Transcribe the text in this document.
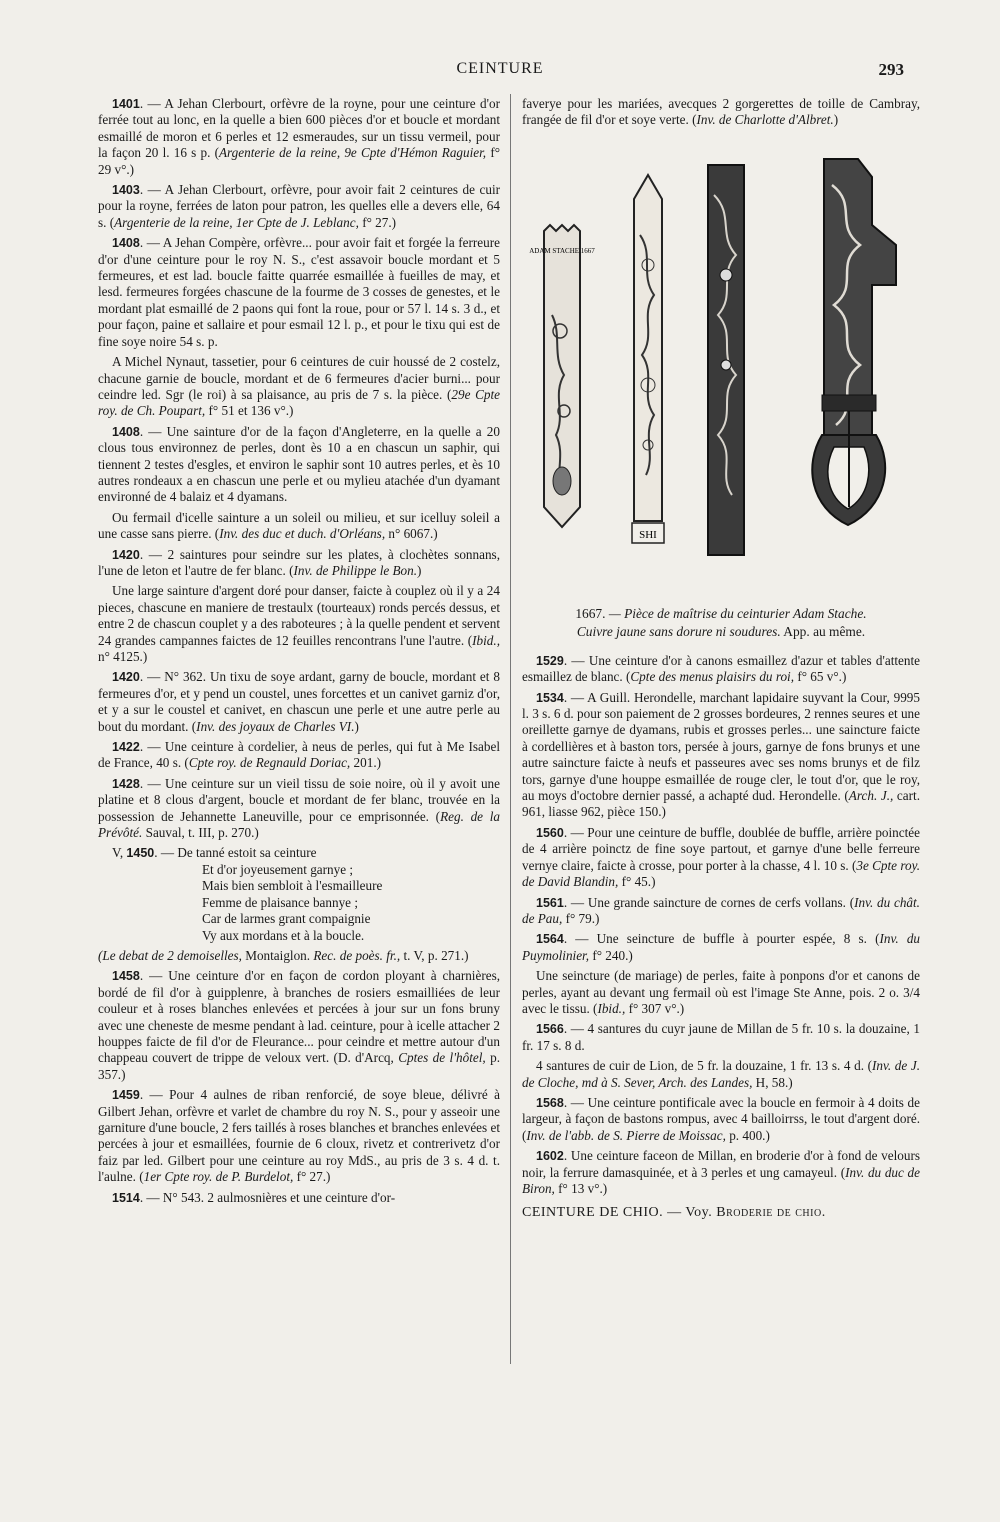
CEINTURE	293

1401. — A Jehan Clerbourt, orfèvre de la royne, pour une ceinture d'or ferrée tout au lonc, en la quelle a bien 600 pièces d'or et boucle et mordant esmaillé de moron et 6 perles et 12 esmeraudes, sur un tissu vermeil, pour la façon 20 l. 16 s p. (Argenterie de la reine, 9e Cpte d'Hémon Raguier, f° 29 v°.)

1403. — A Jehan Clerbourt, orfèvre, pour avoir fait 2 ceintures de cuir pour la royne, ferrées de laton pour patron, les quelles elle a devers elle, 64 s. (Argenterie de la reine, 1er Cpte de J. Leblanc, f° 27.)

1408. — A Jehan Compère, orfèvre... pour avoir fait et forgée la ferreure d'or d'une ceinture pour le roy N. S., c'est assavoir boucle mordant et 5 fermeures, et est lad. boucle faitte quarrée esmaillée à fueilles de may, et lesd. fermeures forgées chascune de la fourme de 3 cosses de genestes, et le mordant plat esmaillé de 2 paons qui font la roue, pour or 57 l. 14 s. 3 d., et pour façon, paine et sallaire et pour esmail 12 l. p., et pour le tixu qui est de fine soye noire 54 s. p.

A Michel Nynaut, tassetier, pour 6 ceintures de cuir houssé de 2 costelz, chacune garnie de boucle, mordant et de 6 fermeures d'acier burni... pour ceindre led. Sgr (le roi) à sa plaisance, au pris de 7 s. la pièce. (29e Cpte roy. de Ch. Poupart, f° 51 et 136 v°.)

1408. — Une sainture d'or de la façon d'Angleterre, en la quelle a 20 clous tous environnez de perles, dont ès 10 a en chascun un saphir, qui tiennent 2 testes d'esgles, et environ le saphir sont 10 autres perles, et ès 10 autres rondeaux a en chascun une perle et ou mylieu atachée d'un dyamant environné de 4 balaiz et 4 dyamans.

Ou fermail d'icelle sainture a un soleil ou milieu, et sur icelluy soleil a une casse sans pierre. (Inv. des duc et duch. d'Orléans, n° 6067.)

1420. — 2 saintures pour seindre sur les plates, à clochètes sonnans, l'une de leton et l'autre de fer blanc. (Inv. de Philippe le Bon.)

Une large sainture d'argent doré pour danser, faicte à couplez où il y a 24 pieces, chascune en maniere de trestaulx (tourteaux) ronds percés dessus, et entre 2 de chascun couplet y a des raboteures ; à la quelle pendent et servent 24 grandes campannes faictes de 12 feuilles rencontrans l'une l'autre. (Ibid., n° 4125.)

1420. — N° 362. Un tixu de soye ardant, garny de boucle, mordant et 8 fermeures d'or, et y pend un coustel, unes forcettes et un canivet garniz d'or, et y a sur le coustel et canivet, en chascun une perle et une autre perle au bout du mordant. (Inv. des joyaux de Charles VI.)

1422. — Une ceinture à cordelier, à neus de perles, qui fut à Me Isabel de France, 40 s. (Cpte roy. de Regnauld Doriac, 201.)

1428. — Une ceinture sur un vieil tissu de soie noire, où il y avoit une platine et 8 clous d'argent, boucle et mordant de fer blanc, trouvée en la possession de Jehannette Laneuville, pour ce emprisonnée. (Reg. de la Prévôté. Sauval, t. III, p. 270.)

V, 1450. — De tanné estoit sa ceinture
Et d'or joyeusement garnye ;
Mais bien sembloit à l'esmailleure
Femme de plaisance bannye ;
Car de larmes grant compaignie
Vy aux mordans et à la boucle.

(Le debat de 2 demoiselles, Montaiglon. Rec. de poès. fr., t. V, p. 271.)

1458. — Une ceinture d'or en façon de cordon ployant à charnières, bordé de fil d'or à guipplenre, à branches de rosiers esmailliées de leur couleur et à roses blanches enlevées et percées à jour sur un fons bruny avec une cheneste de mesme pendant à lad. ceinture, pour à icelle attacher 2 houppes faicte de fil d'or de Fleurance... pour ceindre et mettre autour d'un chappeau couvert de trippe de veloux vert. (D. d'Arcq, Cptes de l'hôtel, p. 357.)

1459. — Pour 4 aulnes de riban renforcié, de soye bleue, délivré à Gilbert Jehan, orfèvre et varlet de chambre du roy N. S., pour y asseoir une garniture d'une boucle, 2 fers taillés à roses blanches et branches enlevées et percées à jour et esmaillées, fournie de 6 cloux, rivetz et contrerivetz d'or faiz par led. Gilbert pour une ceinture au roy MdS., au pris de 3 s. 4 d. t. l'aulne. (1er Cpte roy. de P. Burdelot, f° 27.)

1514. — N° 543. 2 aulmosnières et une ceinture d'or-

faverye pour les mariées, avecques 2 gorgerettes de toille de Cambray, frangée de fil d'or et soye verte. (Inv. de Charlotte d'Albret.)

ADAM STACHE 1667
SHI

1667. — Pièce de maîtrise du ceinturier Adam Stache.
Cuivre jaune sans dorure ni soudures. App. au même.

1529. — Une ceinture d'or à canons esmaillez d'azur et tables d'attente esmaillez de blanc. (Cpte des menus plaisirs du roi, f° 65 v°.)

1534. — A Guill. Herondelle, marchant lapidaire suyvant la Cour, 9995 l. 3 s. 6 d. pour son paiement de 2 grosses bordeures, 2 rennes seures et une oreillette garnye de dyamans, rubis et grosses perles... une saincture faicte à cordellières et à baston tors, persée à jours, garnye de fons brunys et une autre saincture faicte à neufs et passeures avec ses noms brunys et de filz tors, garnye d'une houppe esmaillée de rouge cler, le tout d'or, que le roy, au moys d'octobre dernier passé, a achapté dud. Herondelle. (Arch. J., cart. 961, liasse 962, pièce 150.)

1560. — Pour une ceinture de buffle, doublée de buffle, arrière poinctée de 4 arrière poinctz de fine soye partout, et garnye d'une belle ferreure vernye claire, faicte à crosse, pour porter à la chasse, 4 l. 10 s. (3e Cpte roy. de David Blandin, f° 45.)

1561. — Une grande saincture de cornes de cerfs vollans. (Inv. du chât. de Pau, f° 79.)

1564. — Une seincture de buffle à pourter espée, 8 s. (Inv. du Puymolinier, f° 240.)

Une seincture (de mariage) de perles, faite à ponpons d'or et canons de perles, ayant au devant ung fermail où est l'image Ste Anne, pois. 2 o. 3/4 avec le tissu. (Ibid., f° 307 v°.)

1566. — 4 santures du cuyr jaune de Millan de 5 fr. 10 s. la douzaine, 1 fr. 17 s. 8 d.

4 santures de cuir de Lion, de 5 fr. la douzaine, 1 fr. 13 s. 4 d. (Inv. de J. de Cloche, md à S. Sever, Arch. des Landes, H, 58.)

1568. — Une ceinture pontificale avec la boucle en fermoir à 4 doits de largeur, à façon de bastons rompus, avec 4 bailloirrss, le tout d'argent doré. (Inv. de l'abb. de S. Pierre de Moissac, p. 400.)

1602. Une ceinture faceon de Millan, en broderie d'or à fond de velours noir, la ferrure damasquinée, et à 3 perles et ung camayeul. (Inv. du duc de Biron, f° 13 v°.)

CEINTURE DE CHIO. — Voy. Broderie de chio.
